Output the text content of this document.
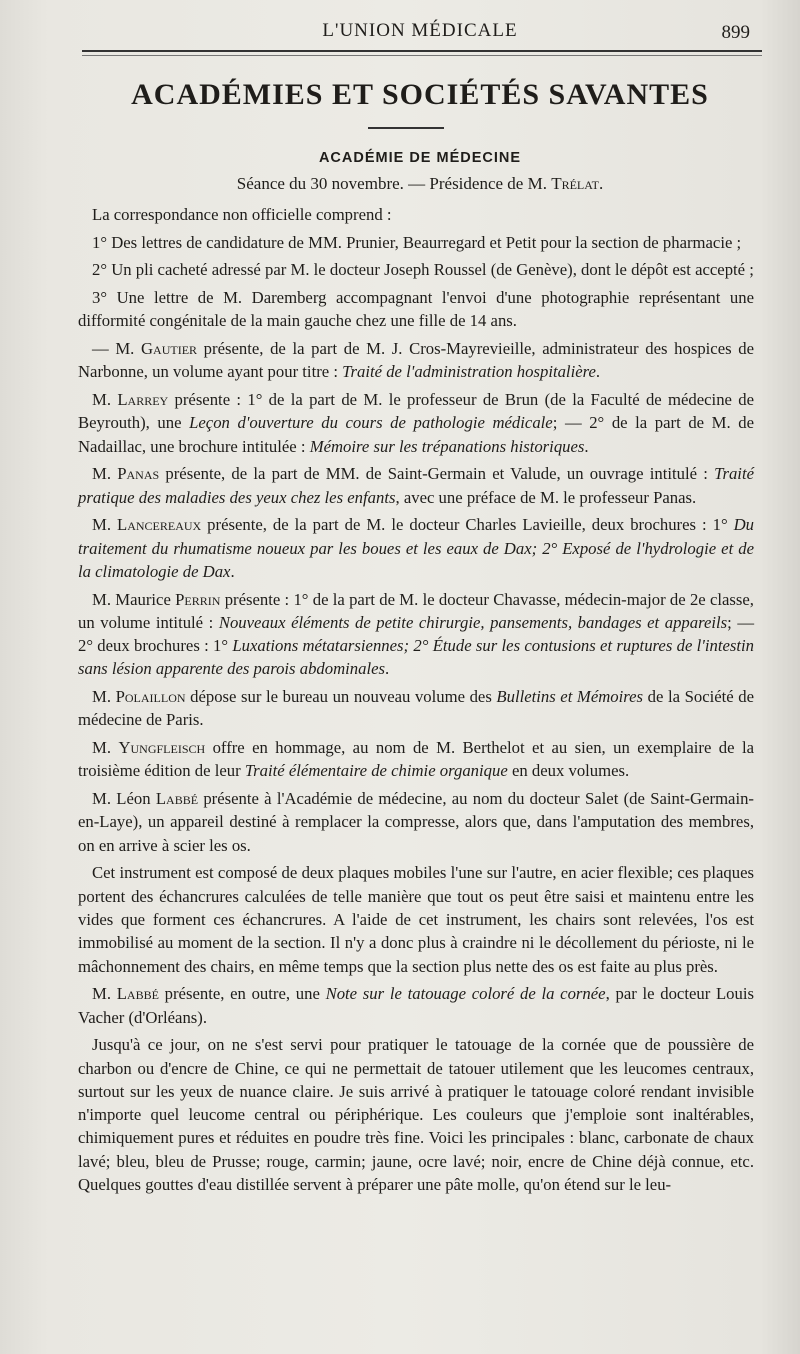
L'UNION MÉDICALE	899
ACADÉMIES ET SOCIÉTÉS SAVANTES
ACADÉMIE DE MÉDECINE
Séance du 30 novembre. — Présidence de M. Trélat.

La correspondance non officielle comprend :

1° Des lettres de candidature de MM. Prunier, Beaurregard et Petit pour la section de pharmacie ;

2° Un pli cacheté adressé par M. le docteur Joseph Roussel (de Genève), dont le dépôt est accepté ;

3° Une lettre de M. Daremberg accompagnant l'envoi d'une photographie représentant une difformité congénitale de la main gauche chez une fille de 14 ans.

— M. Gautier présente, de la part de M. J. Cros-Mayrevieille, administrateur des hospices de Narbonne, un volume ayant pour titre : Traité de l'administration hospitalière.

M. Larrey présente : 1° de la part de M. le professeur de Brun (de la Faculté de médecine de Beyrouth), une Leçon d'ouverture du cours de pathologie médicale; — 2° de la part de M. de Nadaillac, une brochure intitulée : Mémoire sur les trépanations historiques.

M. Panas présente, de la part de MM. de Saint-Germain et Valude, un ouvrage intitulé : Traité pratique des maladies des yeux chez les enfants, avec une préface de M. le professeur Panas.

M. Lancereaux présente, de la part de M. le docteur Charles Lavieille, deux brochures : 1° Du traitement du rhumatisme noueux par les boues et les eaux de Dax; 2° Exposé de l'hydrologie et de la climatologie de Dax.

M. Maurice Perrin présente : 1° de la part de M. le docteur Chavasse, médecin-major de 2e classe, un volume intitulé : Nouveaux éléments de petite chirurgie, pansements, bandages et appareils; — 2° deux brochures : 1° Luxations métatarsiennes; 2° Étude sur les contusions et ruptures de l'intestin sans lésion apparente des parois abdominales.

M. Polaillon dépose sur le bureau un nouveau volume des Bulletins et Mémoires de la Société de médecine de Paris.

M. Yungfleisch offre en hommage, au nom de M. Berthelot et au sien, un exemplaire de la troisième édition de leur Traité élémentaire de chimie organique en deux volumes.

M. Léon Labbé présente à l'Académie de médecine, au nom du docteur Salet (de Saint-Germain-en-Laye), un appareil destiné à remplacer la compresse, alors que, dans l'amputation des membres, on en arrive à scier les os.

Cet instrument est composé de deux plaques mobiles l'une sur l'autre, en acier flexible; ces plaques portent des échancrures calculées de telle manière que tout os peut être saisi et maintenu entre les vides que forment ces échancrures. A l'aide de cet instrument, les chairs sont relevées, l'os est immobilisé au moment de la section. Il n'y a donc plus à craindre ni le décollement du périoste, ni le mâchonnement des chairs, en même temps que la section plus nette des os est faite au plus près.

M. Labbé présente, en outre, une Note sur le tatouage coloré de la cornée, par le docteur Louis Vacher (d'Orléans).

Jusqu'à ce jour, on ne s'est servi pour pratiquer le tatouage de la cornée que de poussière de charbon ou d'encre de Chine, ce qui ne permettait de tatouer utilement que les leucomes centraux, surtout sur les yeux de nuance claire. Je suis arrivé à pratiquer le tatouage coloré rendant invisible n'importe quel leucome central ou périphérique. Les couleurs que j'emploie sont inaltérables, chimiquement pures et réduites en poudre très fine. Voici les principales : blanc, carbonate de chaux lavé; bleu, bleu de Prusse; rouge, carmin; jaune, ocre lavé; noir, encre de Chine déjà connue, etc. Quelques gouttes d'eau distillée servent à préparer une pâte molle, qu'on étend sur le leu-
